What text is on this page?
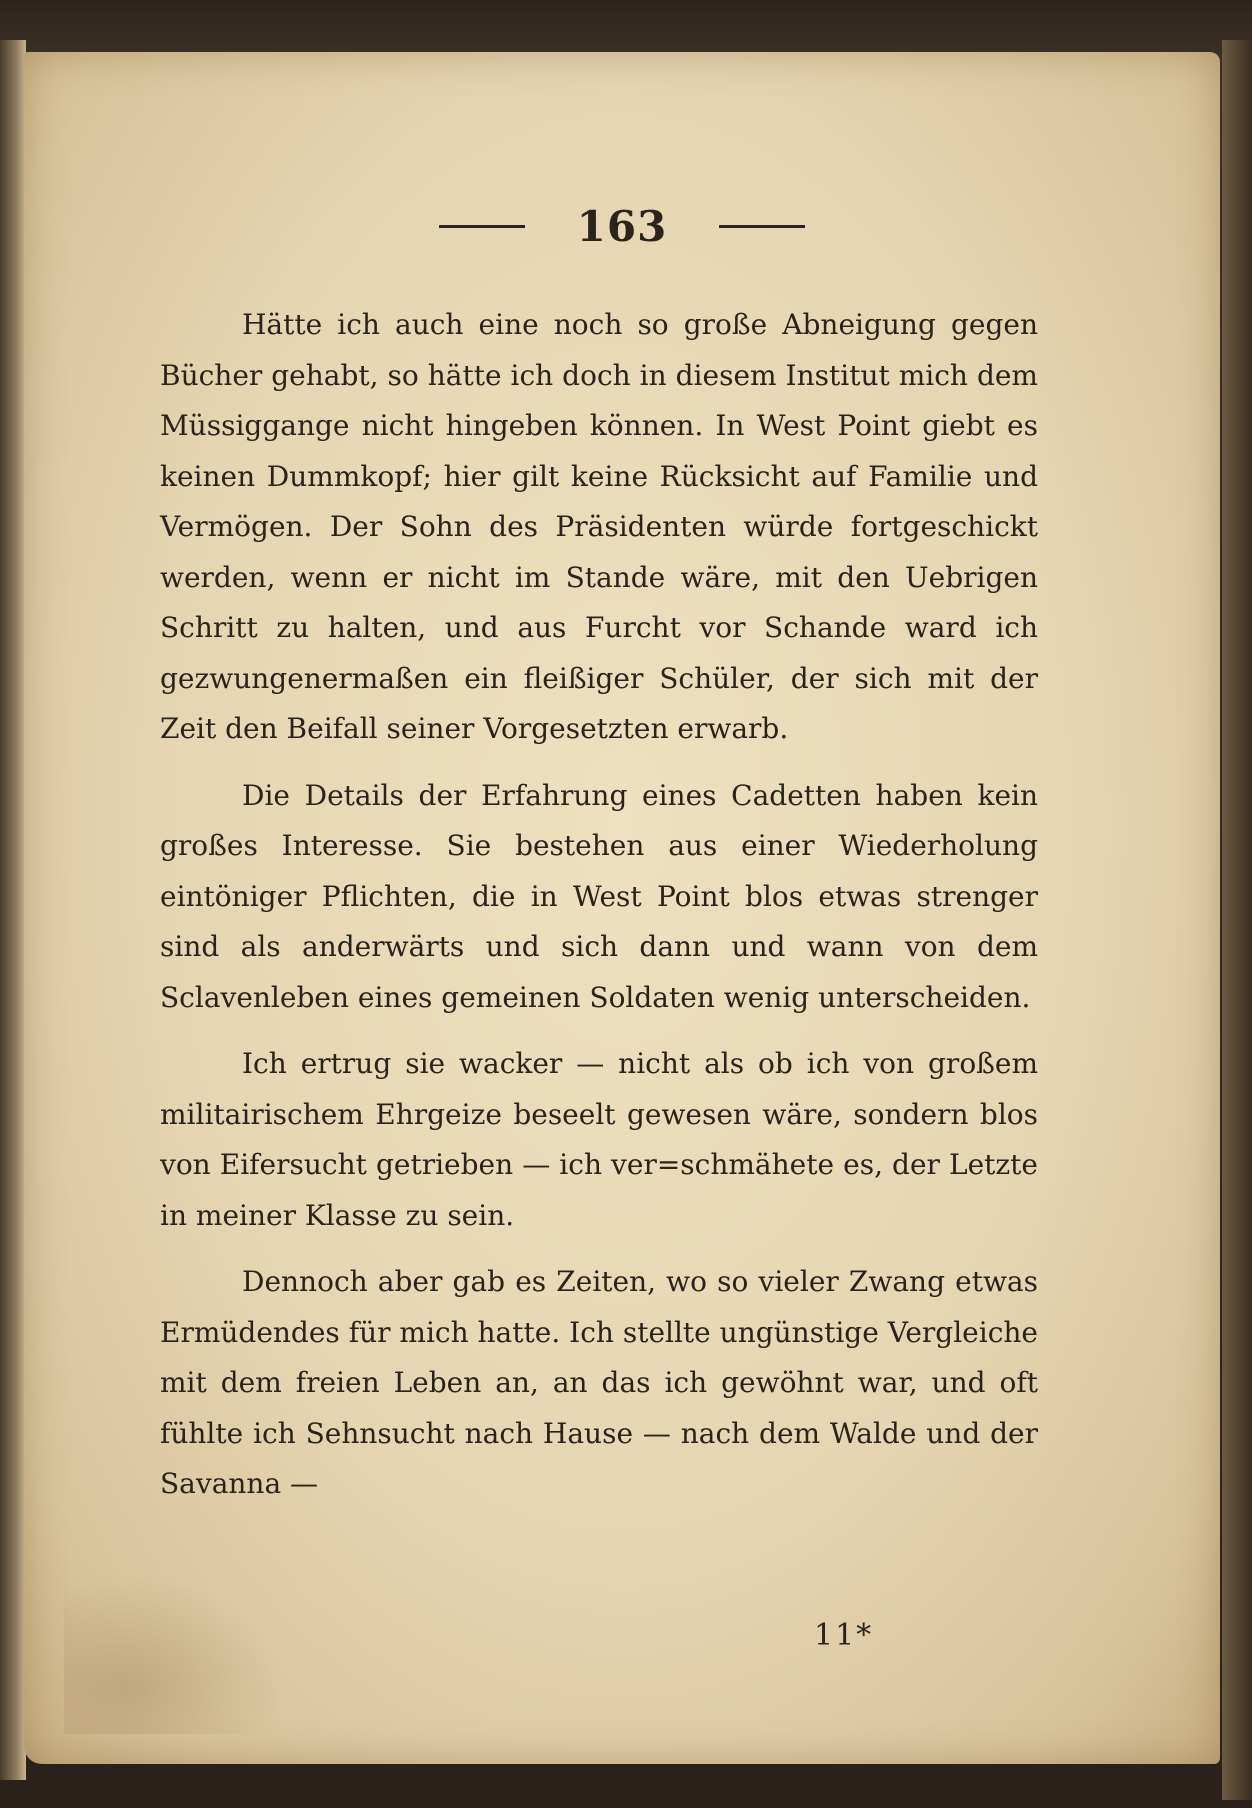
163

Hätte ich auch eine noch so große Abneigung gegen Bücher gehabt, so hätte ich doch in diesem Institut mich dem Müssiggange nicht hingeben können. In West Point giebt es keinen Dummkopf; hier gilt keine Rücksicht auf Familie und Vermögen. Der Sohn des Präsidenten würde fortgeschickt werden, wenn er nicht im Stande wäre, mit den Uebrigen Schritt zu halten, und aus Furcht vor Schande ward ich gezwungenermaßen ein fleißiger Schüler, der sich mit der Zeit den Beifall seiner Vorgesetzten erwarb.

Die Details der Erfahrung eines Cadetten haben kein großes Interesse. Sie bestehen aus einer Wiederholung eintöniger Pflichten, die in West Point blos etwas strenger sind als anderwärts und sich dann und wann von dem Sclavenleben eines gemeinen Soldaten wenig unterscheiden.

Ich ertrug sie wacker — nicht als ob ich von großem militairischem Ehrgeize beseelt gewesen wäre, sondern blos von Eifersucht getrieben — ich ver=schmähete es, der Letzte in meiner Klasse zu sein.

Dennoch aber gab es Zeiten, wo so vieler Zwang etwas Ermüdendes für mich hatte. Ich stellte ungünstige Vergleiche mit dem freien Leben an, an das ich gewöhnt war, und oft fühlte ich Sehnsucht nach Hause — nach dem Walde und der Savanna —

11*
